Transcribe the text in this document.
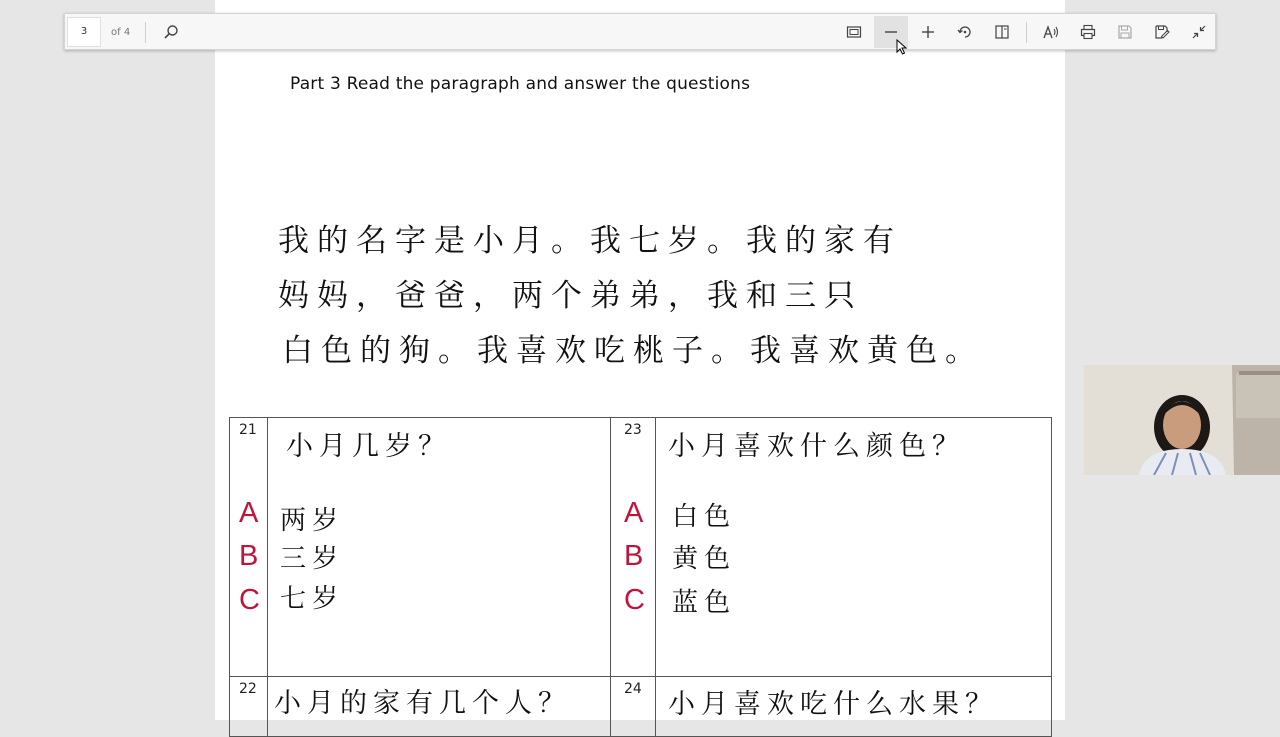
3	of 4
Part 3 Read the paragraph and answer the questions
我的名字是小月。我七岁。我的家有
妈妈，爸爸，两个弟弟，我和三只
白色的狗。我喜欢吃桃子。我喜欢黄色。
21
小月几岁？
A
B
C
两岁
三岁
七岁
23
小月喜欢什么颜色？
A
B
C
白色
黄色
蓝色
22 小月的家有几个人？	24 小月喜欢吃什么水果？
